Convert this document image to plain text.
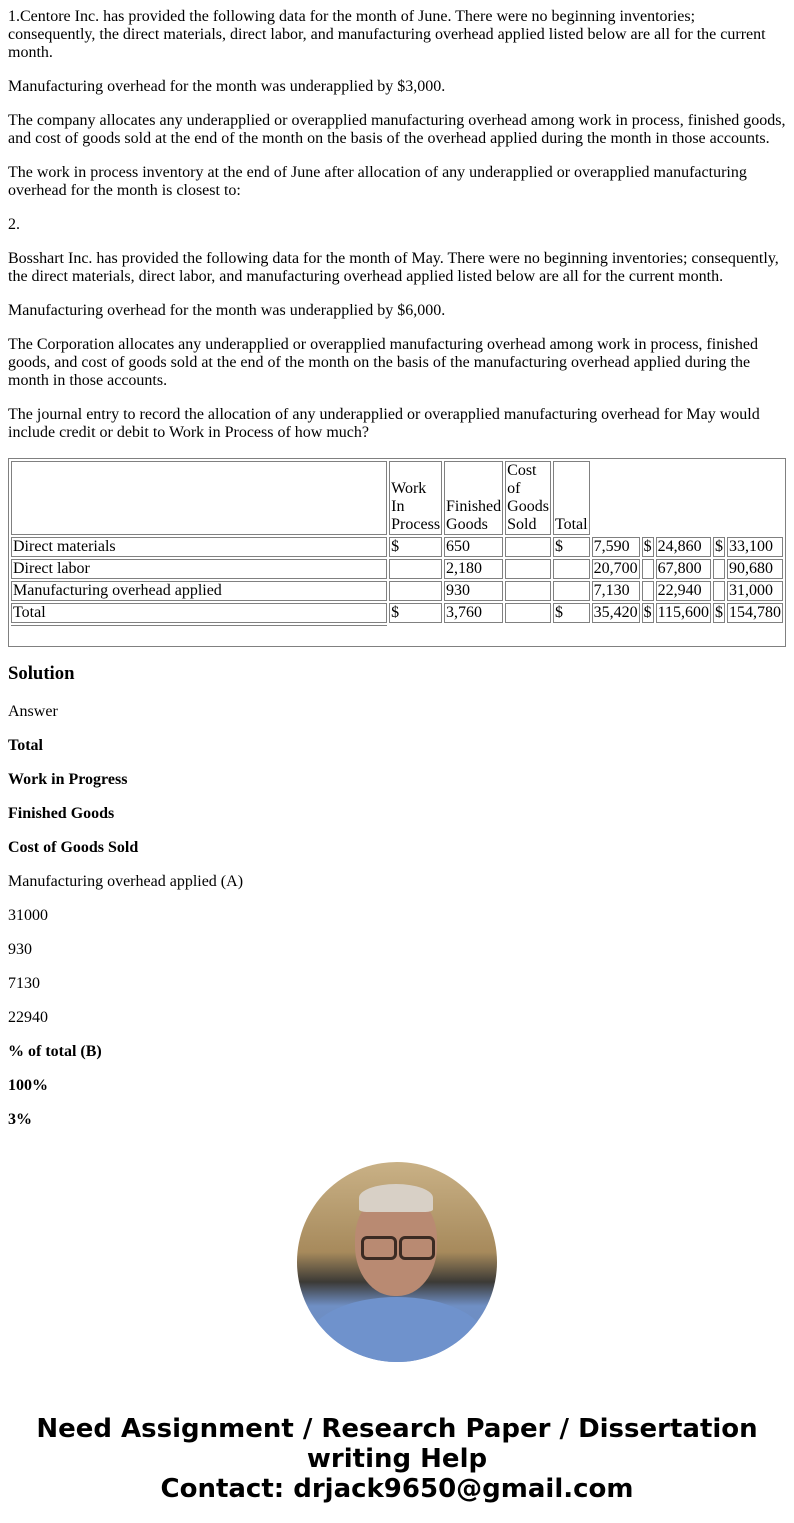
1.Centore Inc. has provided the following data for the month of June. There were no beginning inventories; consequently, the direct materials, direct labor, and manufacturing overhead applied listed below are all for the current month.

Manufacturing overhead for the month was underapplied by $3,000.

The company allocates any underapplied or overapplied manufacturing overhead among work in process, finished goods, and cost of goods sold at the end of the month on the basis of the overhead applied during the month in those accounts.

The work in process inventory at the end of June after allocation of any underapplied or overapplied manufacturing overhead for the month is closest to:

2.

Bosshart Inc. has provided the following data for the month of May. There were no beginning inventories; consequently, the direct materials, direct labor, and manufacturing overhead applied listed below are all for the current month.

Manufacturing overhead for the month was underapplied by $6,000.

The Corporation allocates any underapplied or overapplied manufacturing overhead among work in process, finished goods, and cost of goods sold at the end of the month on the basis of the manufacturing overhead applied during the month in those accounts.

The journal entry to record the allocation of any underapplied or overapplied manufacturing overhead for May would include credit or debit to Work in Process of how much?

	Work In Process	Finished Goods	Cost of Goods Sold	Total					
Direct materials	$	650		$	7,590	$	24,860	$	33,100
Direct labor		2,180			20,700		67,800		90,680
Manufacturing overhead applied		930			7,130		22,940		31,000
Total	$	3,760		$	35,420	$	115,600	$	154,780

Solution

Answer

Total

Work in Progress

Finished Goods

Cost of Goods Sold

Manufacturing overhead applied (A)

31000

930

7130

22940

% of total (B)

100%

3%

Need Assignment / Research Paper / Dissertation
writing Help
Contact: drjack9650@gmail.com
